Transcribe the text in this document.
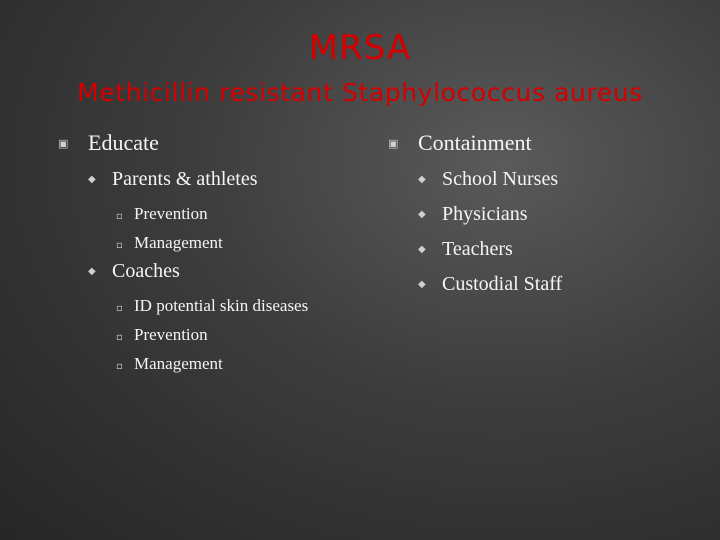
MRSA
Methicillin resistant Staphylococcus aureus
▣ Educate
◆ Parents & athletes
▫ Prevention
▫ Management
◆ Coaches
▫ ID potential skin diseases
▫ Prevention
▫ Management
▣ Containment
◆ School Nurses
◆ Physicians
◆ Teachers
◆ Custodial Staff
